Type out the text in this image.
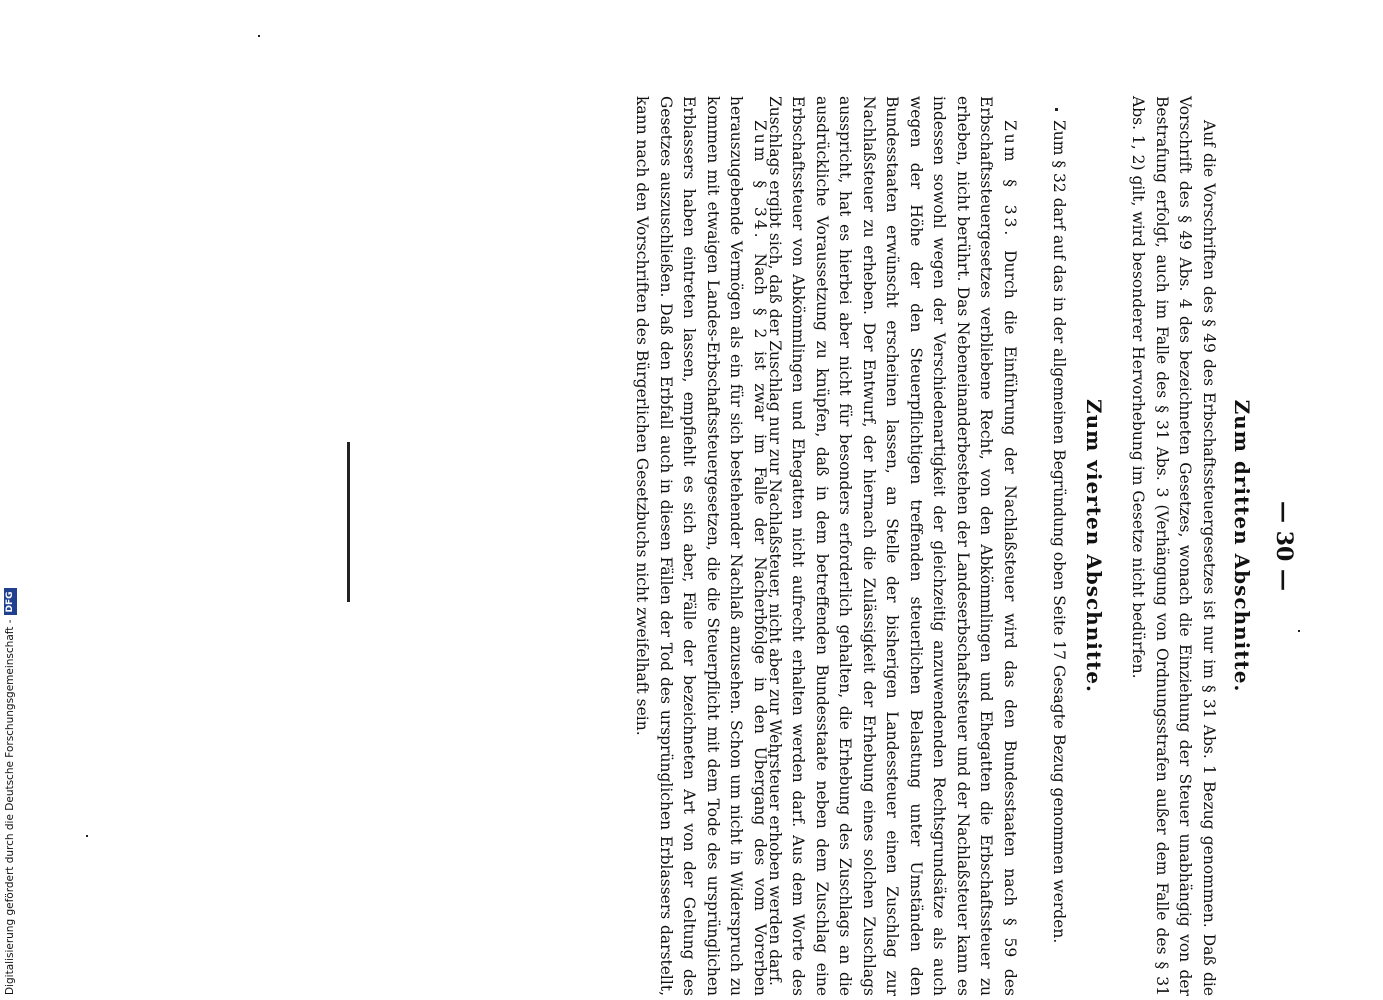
— 30 —
Zum dritten Abschnitte.

Auf die Vorschriften des § 49 des Erbschaftssteuergesetzes ist nur im § 31 Abs. 1 Bezug genommen. Daß die Vorschrift des § 49 Abs. 4 des bezeichneten Gesetzes, wonach die Einziehung der Steuer unabhängig von der Bestrafung erfolgt, auch im Falle des § 31 Abs. 3 (Verhängung von Ordnungsstrafen außer dem Falle des § 31 Abs. 1, 2) gilt, wird besonderer Hervorhebung im Gesetze nicht bedürfen.

Zum vierten Abschnitte.

Zum § 32 darf auf das in der allgemeinen Begründung oben Seite 17 Gesagte Bezug genommen werden.

Zum § 33. Durch die Einführung der Nachlaßsteuer wird das den Bundesstaaten nach § 59 des Erbschaftssteuergesetzes verbliebene Recht, von den Abkömmlingen und Ehegatten die Erbschaftssteuer zu erheben, nicht berührt. Das Nebeneinanderbestehen der Landeserbschaftssteuer und der Nachlaßsteuer kann es indessen sowohl wegen der Verschiedenartigkeit der gleichzeitig anzuwendenden Rechtsgrundsätze als auch wegen der Höhe der den Steuerpflichtigen treffenden steuerlichen Belastung unter Umständen den Bundesstaaten erwünscht erscheinen lassen, an Stelle der bisherigen Landessteuer einen Zuschlag zur Nachlaßsteuer zu erheben. Der Entwurf, der hiernach die Zulässigkeit der Erhebung eines solchen Zuschlags ausspricht, hat es hierbei aber nicht für besonders erforderlich gehalten, die Erhebung des Zuschlags an die ausdrückliche Voraussetzung zu knüpfen, daß in dem betreffenden Bundesstaate neben dem Zuschlag eine Erbschaftssteuer von Abkömmlingen und Ehegatten nicht aufrecht erhalten werden darf. Aus dem Worte des Zuschlags ergibt sich, daß der Zuschlag nur zur Nachlaßsteuer, nicht aber zur Wehrsteuer erhoben werden darf.

Zum § 34. Nach § 2 ist zwar im Falle der Nacherbfolge in den Übergang des vom Vorerben herauszugebende Vermögen als ein für sich bestehender Nachlaß anzusehen. Schon um nicht in Widerspruch zu kommen mit etwaigen Landes-Erbschaftssteuergesetzen, die die Steuerpflicht mit dem Tode des ursprünglichen Erblassers haben eintreten lassen, empfiehlt es sich aber, Fälle der bezeichneten Art von der Geltung des Gesetzes auszuschließen. Daß den Erbfall auch in diesen Fällen der Tod des ursprünglichen Erblassers darstellt, kann nach den Vorschriften des Bürgerlichen Gesetzbuchs nicht zweifelhaft sein.

Digitalisierung gefördert durch die Deutsche Forschungsgemeinschaft -DFG
